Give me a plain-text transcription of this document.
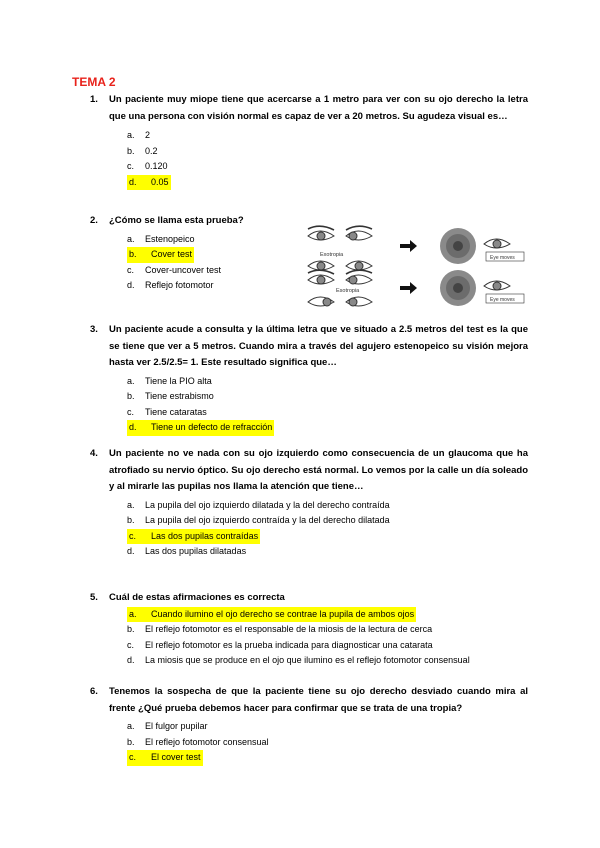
TEMA 2
1.	Un paciente muy miope tiene que acercarse a 1 metro para ver con su ojo derecho la letra que una persona con visión normal es capaz de ver a 20 metros. Su agudeza visual es…
a.	2
b.	0.2
c.	0.120
d.	0.05
2.	¿Cómo se llama esta prueba?
a.	Estenopeico
b.	Cover test
c.	Cover-uncover test
d.	Reflejo fotomotor
Exotropia	Eye moves
Eye moves
Esotropia
3.	Un paciente acude a consulta y la última letra que ve situado a 2.5 metros del test es la que se tiene que ver a 5 metros. Cuando mira a través del agujero estenopeico su visión mejora hasta ver 2.5/2.5= 1. Este resultado significa que…
a.	Tiene la PIO alta
b.	Tiene estrabismo
c.	Tiene cataratas
d.	Tiene un defecto de refracción
4.	Un paciente no ve nada con su ojo izquierdo como consecuencia de un glaucoma que ha atrofiado su nervio óptico. Su ojo derecho está normal. Lo vemos por la calle un día soleado y al mirarle las pupilas nos llama la atención que tiene…
a.	La pupila del ojo izquierdo dilatada y la del derecho contraída
b.	La pupila del ojo izquierdo contraída y la del derecho dilatada
c.	Las dos pupilas contraídas
d.	Las dos pupilas dilatadas
5.	Cuál de estas afirmaciones es correcta
a.	Cuando ilumino el ojo derecho se contrae la pupila de ambos ojos
b.	El reflejo fotomotor es el responsable de la miosis de la lectura de cerca
c.	El reflejo fotomotor es la prueba indicada para diagnosticar una catarata
d.	La miosis que se produce en el ojo que ilumino es el reflejo fotomotor consensual
6.	Tenemos la sospecha de que la paciente tiene su ojo derecho desviado cuando mira al frente ¿Qué prueba debemos hacer para confirmar que se trata de una tropia?
a.	El fulgor pupilar
b.	El reflejo fotomotor consensual
c.	El cover test
